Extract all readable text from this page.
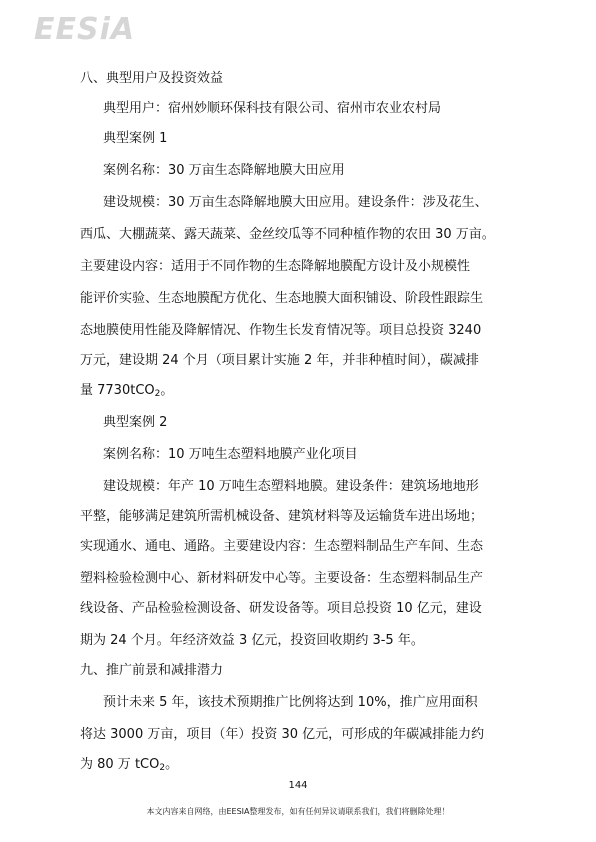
EESiA
八、典型用户及投资效益
典型用户：宿州妙顺环保科技有限公司、宿州市农业农村局
典型案例 1
案例名称：30 万亩生态降解地膜大田应用
建设规模：30 万亩生态降解地膜大田应用。建设条件：涉及花生、
西瓜、大棚蔬菜、露天蔬菜、金丝绞瓜等不同种植作物的农田 30 万亩。
主要建设内容：适用于不同作物的生态降解地膜配方设计及小规模性
能评价实验、生态地膜配方优化、生态地膜大面积铺设、阶段性跟踪生
态地膜使用性能及降解情况、作物生长发育情况等。项目总投资 3240
万元，建设期 24 个月（项目累计实施 2 年，并非种植时间），碳减排
量 7730tCO$_2$。
典型案例 2
案例名称：10 万吨生态塑料地膜产业化项目
建设规模：年产 10 万吨生态塑料地膜。建设条件：建筑场地地形
平整，能够满足建筑所需机械设备、建筑材料等及运输货车进出场地；
实现通水、通电、通路。主要建设内容：生态塑料制品生产车间、生态
塑料检验检测中心、新材料研发中心等。主要设备：生态塑料制品生产
线设备、产品检验检测设备、研发设备等。项目总投资 10 亿元，建设
期为 24 个月。年经济效益 3 亿元，投资回收期约 3-5 年。
九、推广前景和减排潜力
预计未来 5 年，该技术预期推广比例将达到 10%，推广应用面积
将达 3000 万亩，项目（年）投资 30 亿元，可形成的年碳减排能力约
为 80 万 tCO$_2$。
144
本文内容来自网络，由EESIA整理发布，如有任何异议请联系我们，我们将删除处理！
